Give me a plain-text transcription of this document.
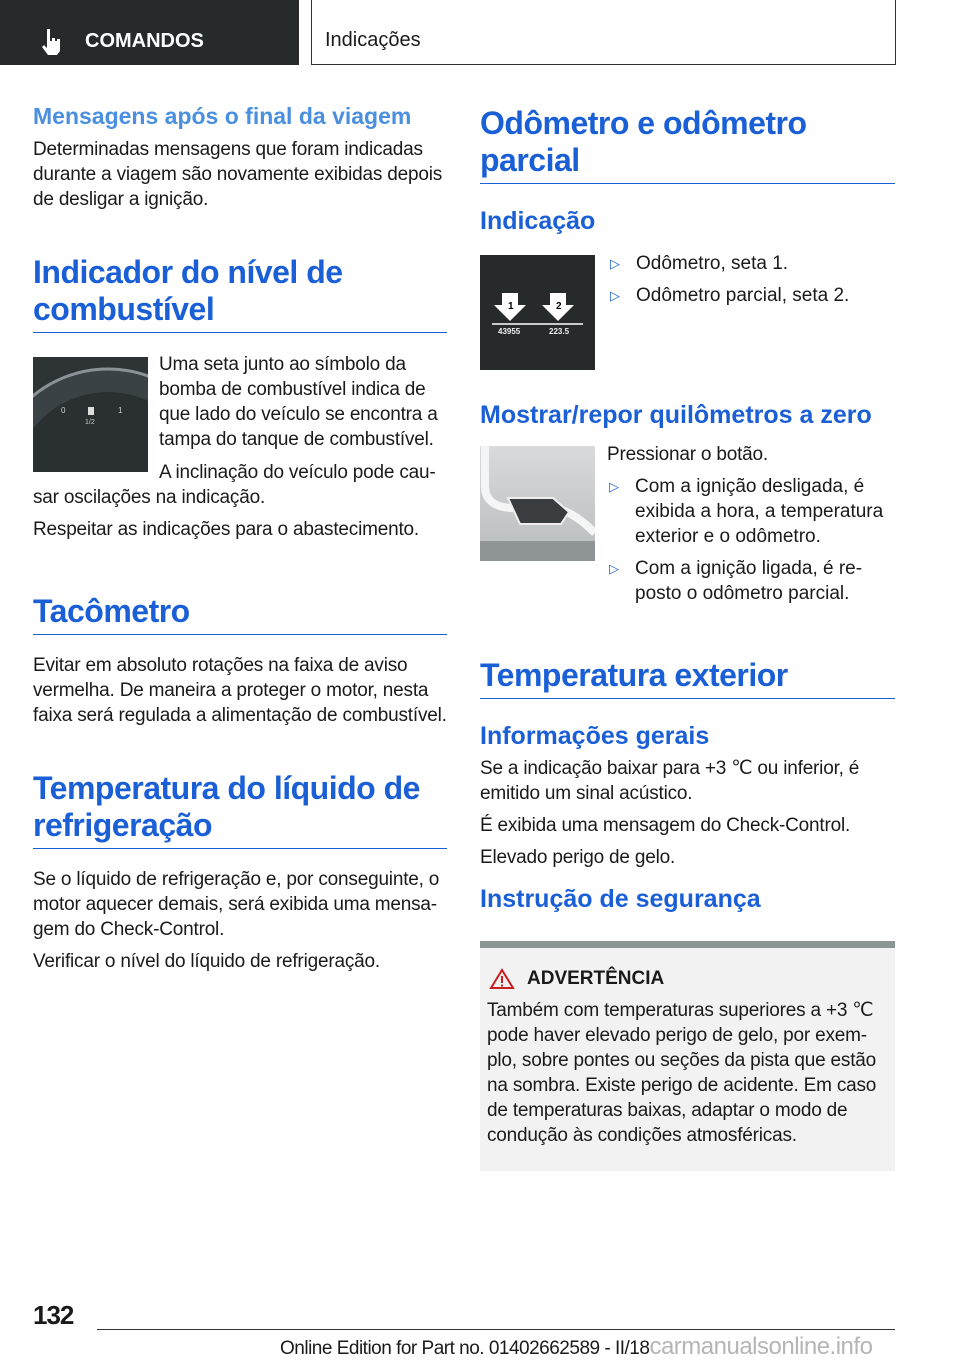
COMANDOS	Indicações
Mensagens após o final da viagem

Determinadas mensagens que foram indicadas durante a viagem são novamente exibidas depois de desligar a ignição.

Indicador do nível de combustível
0
1/2
1
Uma seta junto ao símbolo da bomba de combustível indica de que lado do veículo se encontra a tampa do tanque de combustível.
A inclinação do veículo pode cau-

sar oscilações na indicação.

Respeitar as indicações para o abastecimento.

Tacômetro

Evitar em absoluto rotações na faixa de aviso vermelha. De maneira a proteger o motor, nesta faixa será regulada a alimentação de combustível.

Temperatura do líquido de refrigeração

Se o líquido de refrigeração e, por conseguinte, o motor aquecer demais, será exibida uma mensa-gem do Check-Control.

Verificar o nível do líquido de refrigeração.

Odômetro e odômetro parcial
Indicação
1	2
43955	223.5
▷ Odômetro, seta 1.
▷ Odômetro parcial, seta 2.
Mostrar/repor quilômetros a zero

Pressionar o botão.

▷ Com a ignição desligada, é exibida a hora, a temperatura exterior e o odômetro.
▷ Com a ignição ligada, é re-posto o odômetro parcial.
Temperatura exterior
Informações gerais

Se a indicação baixar para +3 ℃ ou inferior, é emitido um sinal acústico.

É exibida uma mensagem do Check-Control.

Elevado perigo de gelo.

Instrução de segurança
ADVERTÊNCIA
Também com temperaturas superiores a +3 ℃ pode haver elevado perigo de gelo, por exem-plo, sobre pontes ou seções da pista que estão na sombra. Existe perigo de acidente. Em caso de temperaturas baixas, adaptar o modo de condução às condições atmosféricas.
132
Online Edition for Part no. 01402662589 - II/18carmanualsonline.info
